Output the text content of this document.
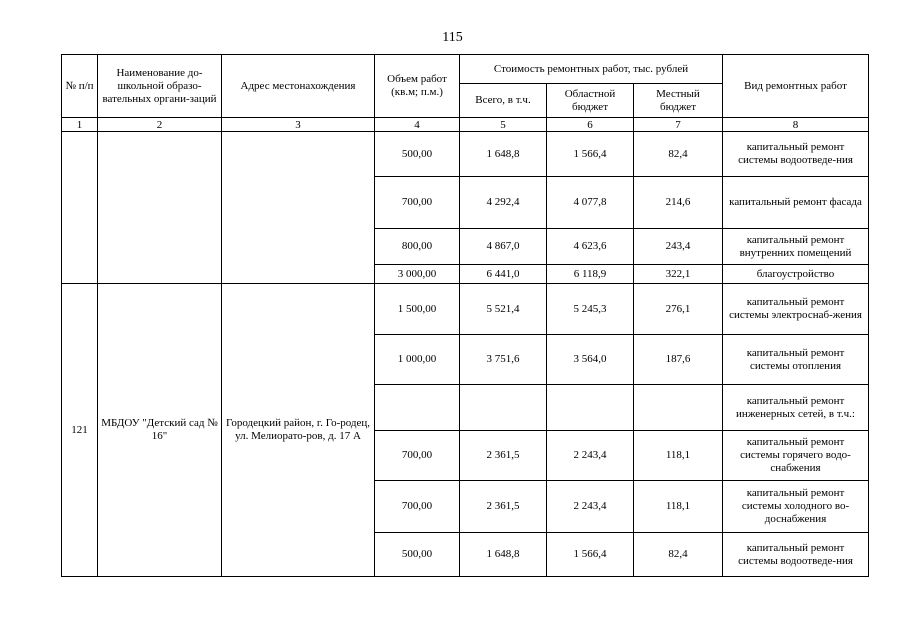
115
№ п/п	Наименование до-школьной образо-вательных органи-заций	Адрес местонахождения	Объем работ (кв.м; п.м.)	Стоимость ремонтных работ, тыс. рублей			Вид ремонтных работ
				Всего, в т.ч.	Областной бюджет	Местный бюджет	
1	2	3	4	5	6	7	8
			500,00	1 648,8	1 566,4	82,4	капитальный ремонт системы водоотведе-ния
			700,00	4 292,4	4 077,8	214,6	капитальный ремонт фасада
			800,00	4 867,0	4 623,6	243,4	капитальный ремонт внутренних помещений
			3 000,00	6 441,0	6 118,9	322,1	благоустройство
121	МБДОУ "Детский сад № 16"	Городецкий район, г. Го-родец, ул. Мелиорато-ров, д. 17 А	1 500,00	5 521,4	5 245,3	276,1	капитальный ремонт системы электроснаб-жения
			1 000,00	3 751,6	3 564,0	187,6	капитальный ремонт системы отопления
							капитальный ремонт инженерных сетей, в т.ч.:
			700,00	2 361,5	2 243,4	118,1	капитальный ремонт системы горячего водо-снабжения
			700,00	2 361,5	2 243,4	118,1	капитальный ремонт системы холодного во-доснабжения
			500,00	1 648,8	1 566,4	82,4	капитальный ремонт системы водоотведе-ния
